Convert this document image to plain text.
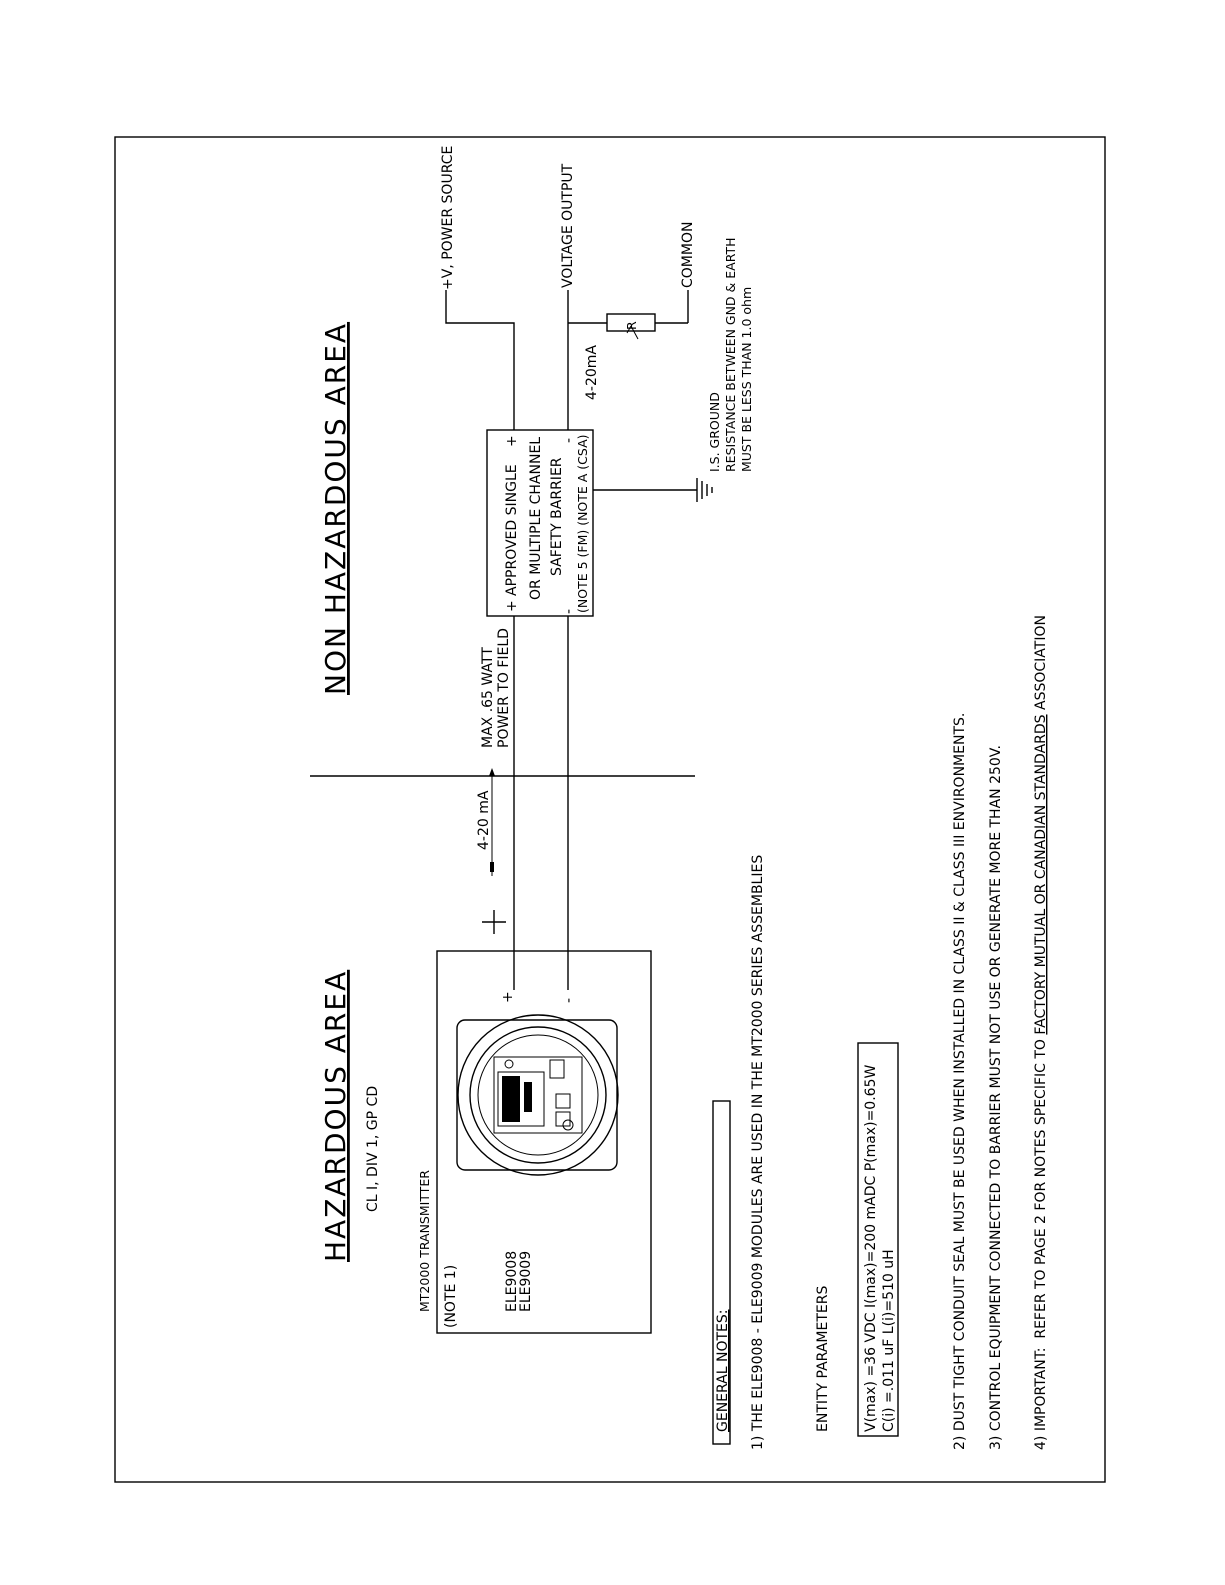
NON HAZARDOUS AREA
HAZARDOUS AREA CL I, DIV 1, GP CD
+
+
APPROVED SINGLE OR MULTIPLE CHANNEL SAFETY BARRIER (NOTE 5 (FM) (NOTE A (CSA)
-
-
+V, POWER SOURCE	VOLTAGE OUTPUT	COMMON
4-20mA
R
I.S. GROUND RESISTANCE BETWEEN GND & EARTH MUST BE LESS THAN 1.0 ohm
MAX .65 WATT POWER TO FIELD
4-20 mA
MT2000 TRANSMITTER (NOTE 1)	ELE9008
ELE9009
+	-
GENERAL NOTES: 1) THE ELE9008 - ELE9009 MODULES ARE USED IN THE MT2000 SERIES ASSEMBLIES	ENTITY PARAMETERS V(max) =36 VDC I(max)=200 mADC P(max)=0.65W C(i) =.011 uF L(i)=510 uH	2) DUST TIGHT CONDUIT SEAL MUST BE USED WHEN INSTALLED IN CLASS II & CLASS III ENVIRONMENTS. 3) CONTROL EQUIPMENT CONNECTED TO BARRIER MUST NOT USE OR GENERATE MORE THAN 250V. 4) IMPORTANT:  REFER TO PAGE 2 FOR NOTES SPECIFIC TO FACTORY MUTUAL OR CANADIAN STANDARDS ASSOCIATION
